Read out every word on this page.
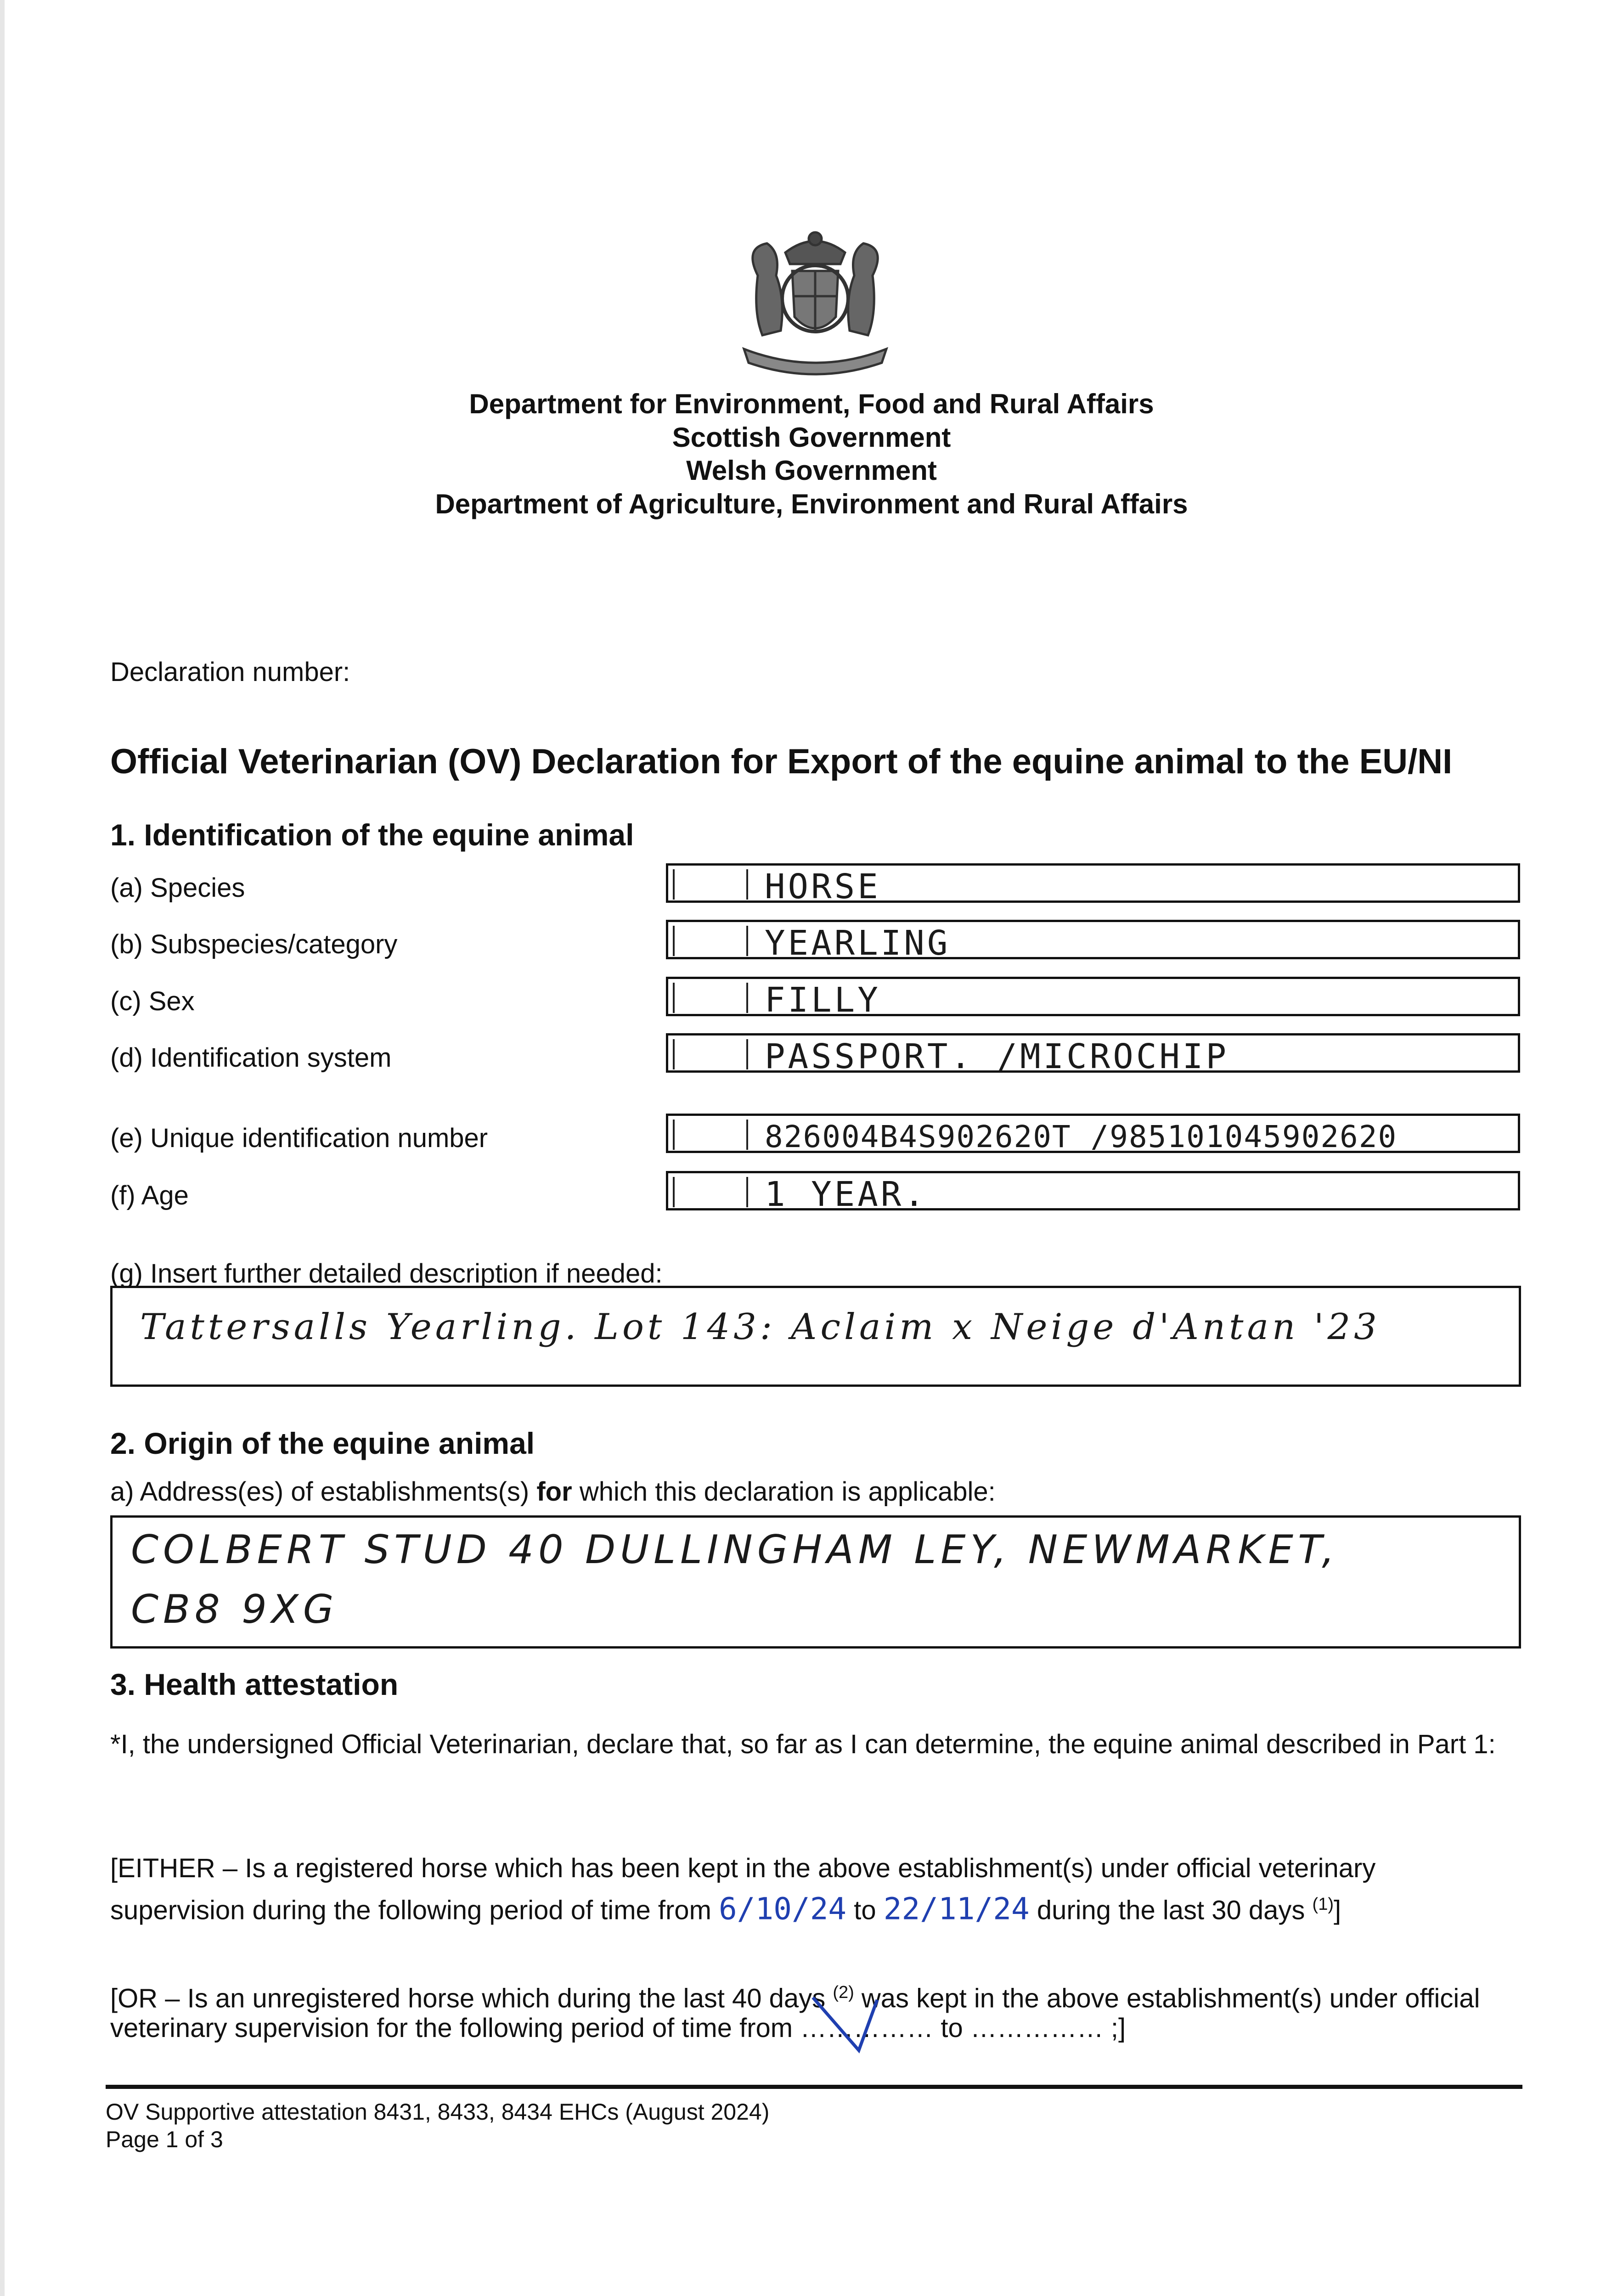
Department for Environment, Food and Rural Affairs
Scottish Government
Welsh Government
Department of Agriculture, Environment and Rural Affairs
Declaration number:
Official Veterinarian (OV) Declaration for Export of the equine animal to the EU/NI
1. Identification of the equine animal
(a) Species	HORSE
(b) Subspecies/category	YEARLING
(c) Sex	FILLY
(d) Identification system	PASSPORT. /MICROCHIP
(e) Unique identification number	826004B4S902620T /985101045902620
(f) Age	1 YEAR.
(g) Insert further detailed description if needed:
Tattersalls Yearling. Lot 143: Aclaim x Neige d'Antan '23
2. Origin of the equine animal
a) Address(es) of establishments(s) for which this declaration is applicable:
COLBERT STUD 40 DULLINGHAM LEY, NEWMARKET,
CB8 9XG
3. Health attestation
*I, the undersigned Official Veterinarian, declare that, so far as I can determine, the equine animal described in Part 1:
[EITHER – Is a registered horse which has been kept in the above establishment(s) under official veterinary
supervision during the following period of time from 6/10/24 to 22/11/24 during the last 30 days $^{(1)}$]
[OR – Is an unregistered horse which during the last 40 days $^{(2)}$ was kept in the above establishment(s) under official
veterinary supervision for the following period of time from …………… to …………… ;]
OV Supportive attestation 8431, 8433, 8434 EHCs (August 2024)
Page 1 of 3
